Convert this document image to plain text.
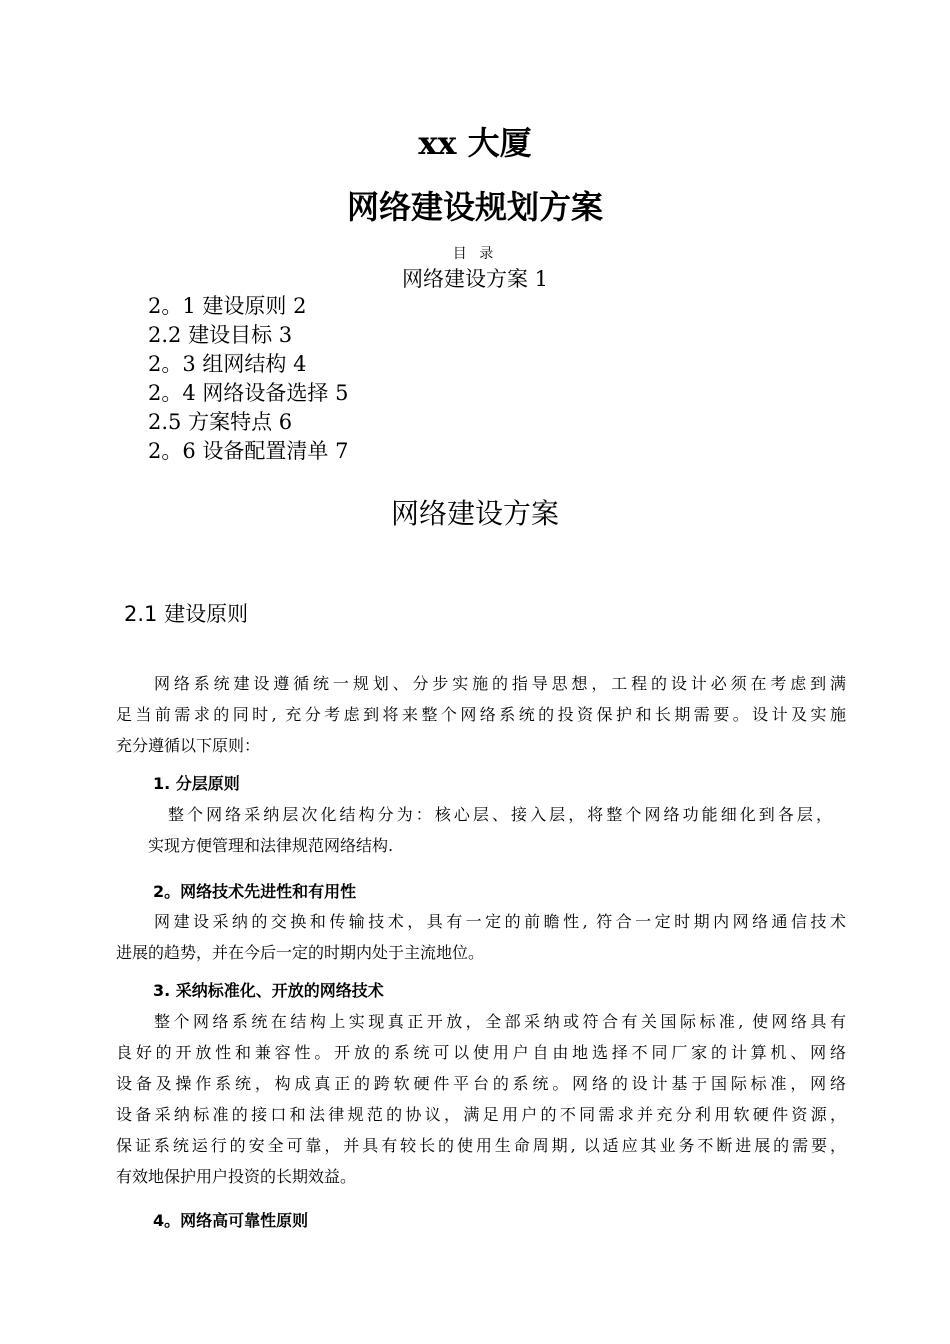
xx 大厦
网络建设规划方案
目 录
网络建设方案 1
2。1 建设原则 2
2.2 建设目标 3
2。3 组网结构 4
2。4 网络设备选择 5
2.5 方案特点 6
2。6 设备配置清单 7
网络建设方案
2.1 建设原则
网络系统建设遵循统一规划、分步实施的指导思想，工程的设计必须在考虑到满
足当前需求的同时, 充分考虑到将来整个网络系统的投资保护和长期需要。设计及实施
充分遵循以下原则：
1. 分层原则
整个网络采纳层次化结构分为：核心层、接入层，将整个网络功能细化到各层，
实现方便管理和法律规范网络结构.
2。网络技术先进性和有用性
网建设采纳的交换和传输技术，具有一定的前瞻性, 符合一定时期内网络通信技术
进展的趋势，并在今后一定的时期内处于主流地位。
3. 采纳标准化、开放的网络技术
整个网络系统在结构上实现真正开放，全部采纳或符合有关国际标准, 使网络具有
良好的开放性和兼容性。开放的系统可以使用户自由地选择不同厂家的计算机、网络
设备及操作系统，构成真正的跨软硬件平台的系统。网络的设计基于国际标准，网络
设备采纳标准的接口和法律规范的协议，满足用户的不同需求并充分利用软硬件资源，
保证系统运行的安全可靠，并具有较长的使用生命周期, 以适应其业务不断进展的需要，
有效地保护用户投资的长期效益。
4。网络高可靠性原则
